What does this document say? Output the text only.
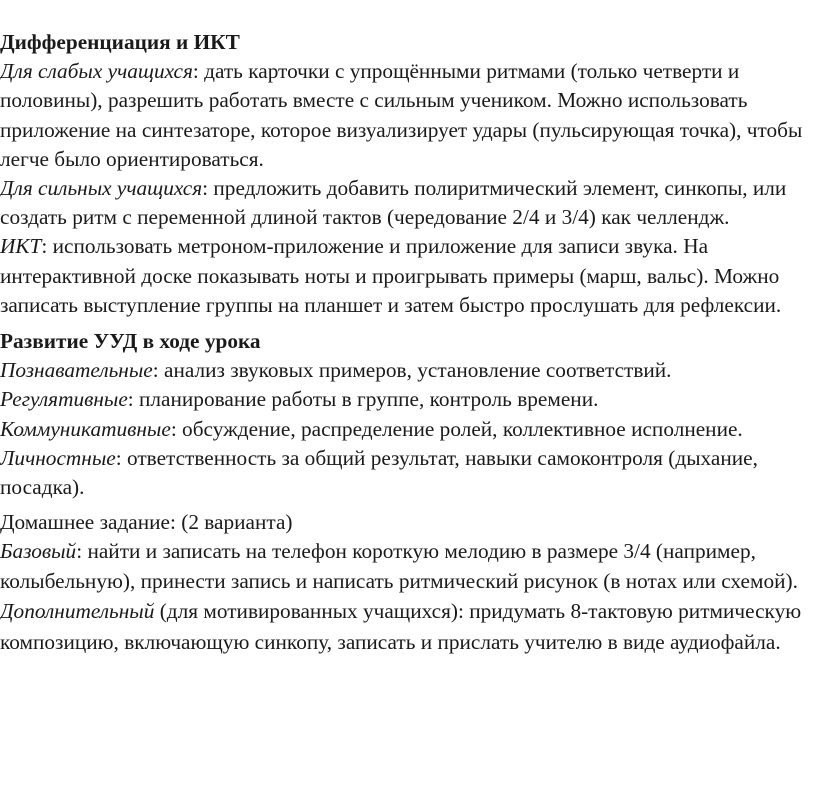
Дифференциация и ИКТ

Для слабых учащихся: дать карточки с упрощёнными ритмами (только четверти и половины), разрешить работать вместе с сильным учеником. Можно использовать приложение на синтезаторе, которое визуализирует удары (пульсирующая точка), чтобы легче было ориентироваться.

Для сильных учащихся: предложить добавить полиритмический элемент, синкопы, или создать ритм с переменной длиной тактов (чередование 2/4 и 3/4) как челлендж.

ИКТ: использовать метроном-приложение и приложение для записи звука. На интерактивной доске показывать ноты и проигрывать примеры (марш, вальс). Можно записать выступление группы на планшет и затем быстро прослушать для рефлексии.

Развитие УУД в ходе урока

Познавательные: анализ звуковых примеров, установление соответствий.

Регулятивные: планирование работы в группе, контроль времени.

Коммуникативные: обсуждение, распределение ролей, коллективное исполнение.

Личностные: ответственность за общий результат, навыки самоконтроля (дыхание, посадка).

Домашнее задание: (2 варианта)

Базовый: найти и записать на телефон короткую мелодию в размере 3/4 (например, колыбельную), принести запись и написать ритмический рисунок (в нотах или схемой).

Дополнительный (для мотивированных учащихся): придумать 8-тактовую ритмическую композицию, включающую синкопу, записать и прислать учителю в виде аудиофайла.
